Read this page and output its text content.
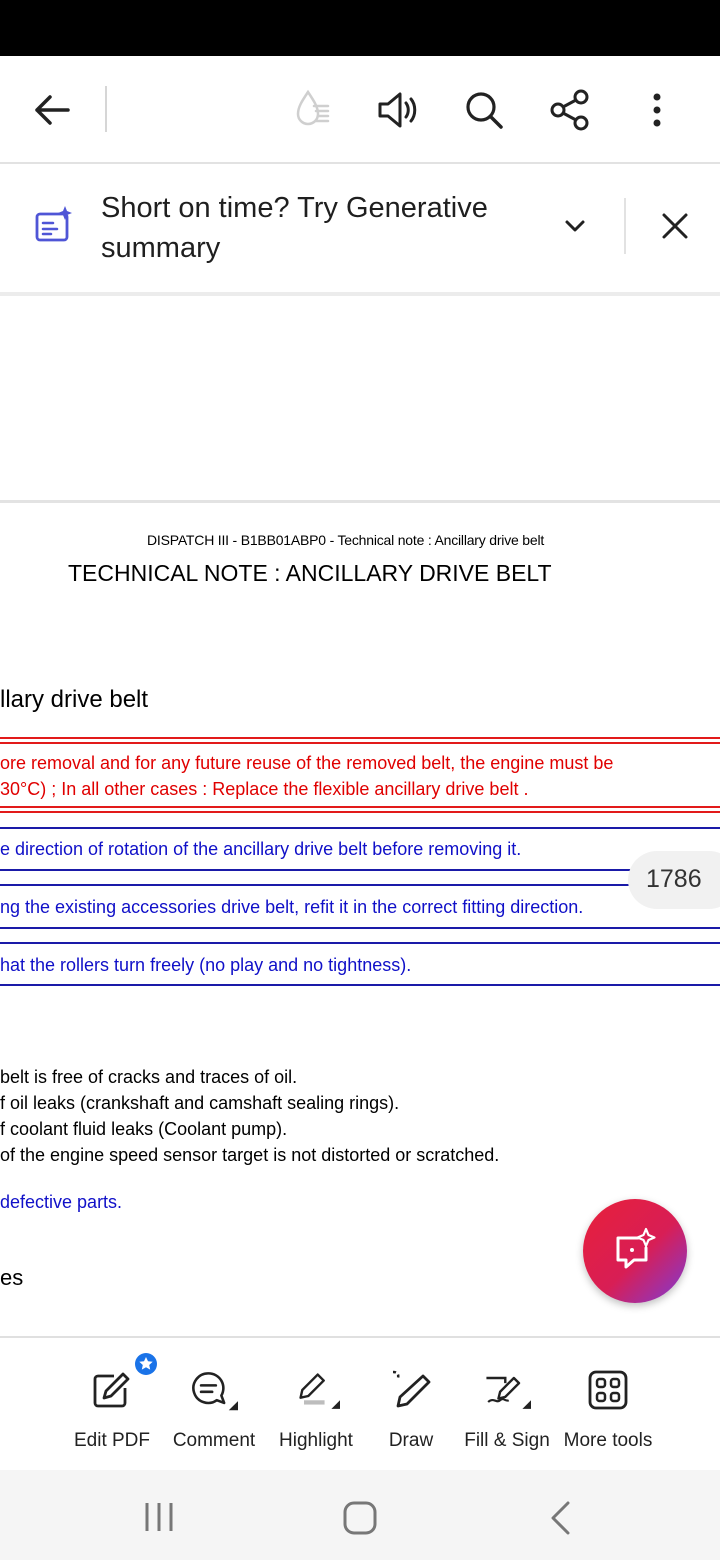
Short on time? Try Generative summary
DISPATCH III - B1BB01ABP0 - Technical note : Ancillary drive belt
TECHNICAL NOTE : ANCILLARY DRIVE BELT
llary drive belt
ore removal and for any future reuse of the removed belt, the engine must be
30°C) ; In all other cases : Replace the flexible ancillary drive belt .
e direction of rotation of the ancillary drive belt before removing it.
ng the existing accessories drive belt, refit it in the correct fitting direction.
hat the rollers turn freely (no play and no tightness).
belt is free of cracks and traces of oil.
f oil leaks (crankshaft and camshaft sealing rings).
f coolant fluid leaks (Coolant pump).
of the engine speed sensor target is not distorted or scratched.
defective parts.
es
1786
Edit PDF Comment Highlight Draw Fill & Sign More tools
